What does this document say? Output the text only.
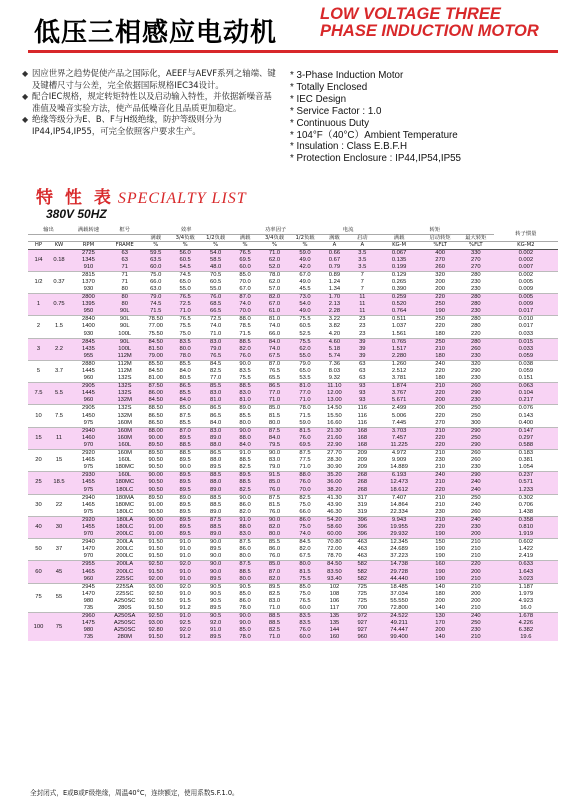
低压三相感应电动机
LOW VOLTAGE THREE
PHASE INDUCTION MOTOR
◆ 因应世界之趋势促使产品之国际化，AEEF与AEVF系列之轴端、键及键槽尺寸与公差，完全依据国际规格IEC34设计。
◆ 配合IEC规格，规定转矩特性以及启动输入特性，并依据新噪音基准值及噪音实验方法，使产品低噪音化且品质更加稳定。
◆ 绝缘等级分为E、B、F与H级绝缘，防护等级则分为IP44,IP54,IP55，可完全依照客户要求生产。
* 3-Phase Induction Motor
* Totally Enclosed
* IEC Design
* Service Factor : 1.0
* Continuous Duty
* 104°F（40°C）Ambient Temperature
* Insulation : Class E.B.F.H
* Protection Enclosure : IP44,IP54,IP55
特 性 表 SPECIALTY LIST
380V 50HZ
输出		满载转速	框号	效率			功率因子			电流		转矩			转子惯量
				满载	3/4负载	1/2负载	满载	3/4负载	1/2负载	满载	启动	满载	启动转矩	最大转矩	
HP	KW	RPM	FRAME	%	%	%	%	%	%	A	A	KG-M	%FLT	%FLT	KG-M2
1/4	0.18	2725	63	59.5	56.0	54.0	76.5	71.0	59.0	0.66	3.5	0.067	400	330	0.002
		1345	63	63.5	60.5	58.5	69.5	62.0	49.0	0.67	3.5	0.135	270	270	0.002
		910	71	60.0	54.5	48.0	60.0	52.0	42.0	0.79	3.5	0.199	260	270	0.007
1/2	0.37	2815	71	75.0	74.5	70.5	85.0	78.0	67.0	0.89	7	0.129	320	280	0.002
		1370	71	66.0	65.0	60.5	70.0	62.0	49.0	1.24	7	0.265	200	230	0.005
		930	80	63.0	55.0	55.0	67.0	57.0	45.5	1.34	7	0.390	200	230	0.009
1	0.75	2800	80	79.0	76.5	76.0	87.0	82.0	73.0	1.70	11	0.259	220	280	0.005
		1395	80	74.5	72.5	68.5	74.0	67.0	54.0	2.13	11	0.520	250	280	0.009
		950	90L	71.5	71.0	66.5	70.0	61.0	49.0	2.28	11	0.764	190	230	0.017
2	1.5	2840	90L	78.50	76.5	72.5	88.0	81.0	75.5	3.22	23	0.511	250	280	0.010
		1400	90L	77.00	75.5	74.0	78.5	74.0	60.5	3.82	23	1.037	220	280	0.017
		930	100L	75.50	75.0	71.0	71.5	66.0	52.5	4.20	23	1.561	180	220	0.033
3	2.2	2845	90L	84.50	83.5	83.0	88.5	84.0	75.5	4.60	39	0.765	250	280	0.015
		1435	100L	81.50	80.0	79.0	82.0	74.0	62.0	5.18	39	1.517	210	260	0.033
		955	112M	79.00	78.0	76.5	76.0	67.5	55.0	5.74	39	2.280	180	230	0.059
5	3.7	2880	112M	85.50	85.5	84.5	90.0	87.0	79.0	7.36	63	1.260	240	320	0.038
		1445	112M	84.50	84.0	82.5	83.5	76.5	65.0	8.03	63	2.512	220	290	0.059
		960	132S	81.00	80.5	77.0	75.5	65.5	53.5	9.32	63	3.781	180	230	0.151
7.5	5.5	2905	132S	87.50	86.5	85.5	88.5	86.5	81.0	11.10	93	1.874	210	260	0.063
		1445	132S	86.00	85.5	83.0	83.0	77.0	77.0	12.00	93	3.767	220	290	0.104
		960	132M	84.50	84.0	81.0	81.0	71.0	71.0	13.00	93	5.671	200	230	0.217
10	7.5	2905	132S	88.50	85.0	86.5	89.0	85.0	78.0	14.50	116	2.499	200	250	0.076
		1450	132M	86.50	87.5	86.5	85.5	81.5	71.5	15.50	116	5.006	220	250	0.143
		975	160M	86.50	85.5	84.0	80.0	80.0	59.0	16.60	116	7.445	270	300	0.400
15	11	2940	160M	88.00	87.0	83.0	90.0	87.5	81.5	21.30	168	3.703	210	290	0.147
		1460	160M	90.00	89.5	89.0	88.0	84.0	76.0	21.60	168	7.457	220	250	0.297
		970	160L	89.50	88.5	88.0	84.0	79.5	69.5	22.90	168	11.225	220	290	0.588
20	15	2920	160M	89.50	88.5	86.5	91.0	90.0	87.5	27.70	209	4.972	210	260	0.183
		1465	160L	90.50	89.5	88.0	88.5	83.0	77.5	28.30	209	9.909	230	260	0.381
		975	180MC	90.50	90.0	89.5	82.5	79.0	71.0	30.90	209	14.889	210	230	1.054
25	18.5	2930	160L	90.00	89.5	88.5	89.5	91.5	88.0	35.20	268	6.193	240	290	0.237
		1455	180MC	90.50	89.5	88.0	88.5	85.0	76.0	36.00	268	12.473	210	240	0.571
		975	180LC	90.50	89.5	89.0	82.5	76.0	70.0	38.20	268	18.612	220	240	1.233
30	22	2940	180MA	89.50	89.0	88.5	90.0	87.5	82.5	41.30	317	7.407	210	250	0.302
		1465	180MC	91.00	89.5	88.5	86.0	81.5	75.0	43.90	319	14.864	210	240	0.706
		975	180LC	90.50	89.5	89.0	82.0	76.0	66.0	46.30	319	22.334	230	260	1.438
40	30	2920	180LA	90.00	89.5	87.5	91.0	90.0	86.0	54.20	396	9.943	210	240	0.358
		1455	180LC	91.00	89.5	88.5	88.0	82.0	75.0	58.60	396	19.955	220	230	0.810
		970	200LC	91.00	89.5	89.0	83.0	80.0	74.0	60.00	396	29.932	190	200	1.919
50	37	2940	200LA	91.50	91.0	90.0	87.5	85.5	84.5	70.80	463	12.345	150	210	0.602
		1470	200LC	91.50	91.0	89.5	86.0	86.0	82.0	72.00	463	24.689	190	210	1.422
		970	200LC	91.50	91.0	90.0	80.0	76.0	67.5	78.70	463	37.223	190	210	2.419
60	45	2955	200LA	92.50	92.0	90.0	87.5	85.0	80.0	84.50	582	14.738	160	220	0.633
		1465	200LC	91.50	91.0	90.0	88.5	87.0	81.5	83.50	582	29.728	190	200	1.643
		960	225SC	92.00	91.0	89.5	80.0	82.0	75.5	93.40	582	44.440	190	210	3.023
75	55	2945	225SA	93.00	92.0	90.5	90.5	89.5	85.0	102	725	18.485	140	210	1.187
		1470	225SC	92.50	91.0	90.5	85.0	82.5	75.0	108	725	37.034	180	200	1.979
		980	A250SC	92.50	91.5	90.5	86.0	83.0	76.5	106	725	55.550	200	200	4.923
		735	280S	91.50	91.2	89.5	78.0	71.0	60.0	117	700	72.800	140	210	16.0
100	75	2960	A250SA	92.50	91.0	90.5	90.0	88.5	83.5	135	972	24.522	130	240	1.678
		1475	A250SC	93.00	92.5	92.0	90.0	88.5	83.5	135	927	49.211	170	250	4.226
		980	A250SC	92.80	92.0	91.0	85.0	82.5	76.0	144	927	74.447	200	230	6.382
		735	280M	91.50	91.2	89.5	78.0	71.0	60.0	160	960	99.400	140	210	19.6
全封闭式，E或B或F级绝缘，周温40°C，连续额定，使用系数S.F.1.0。
